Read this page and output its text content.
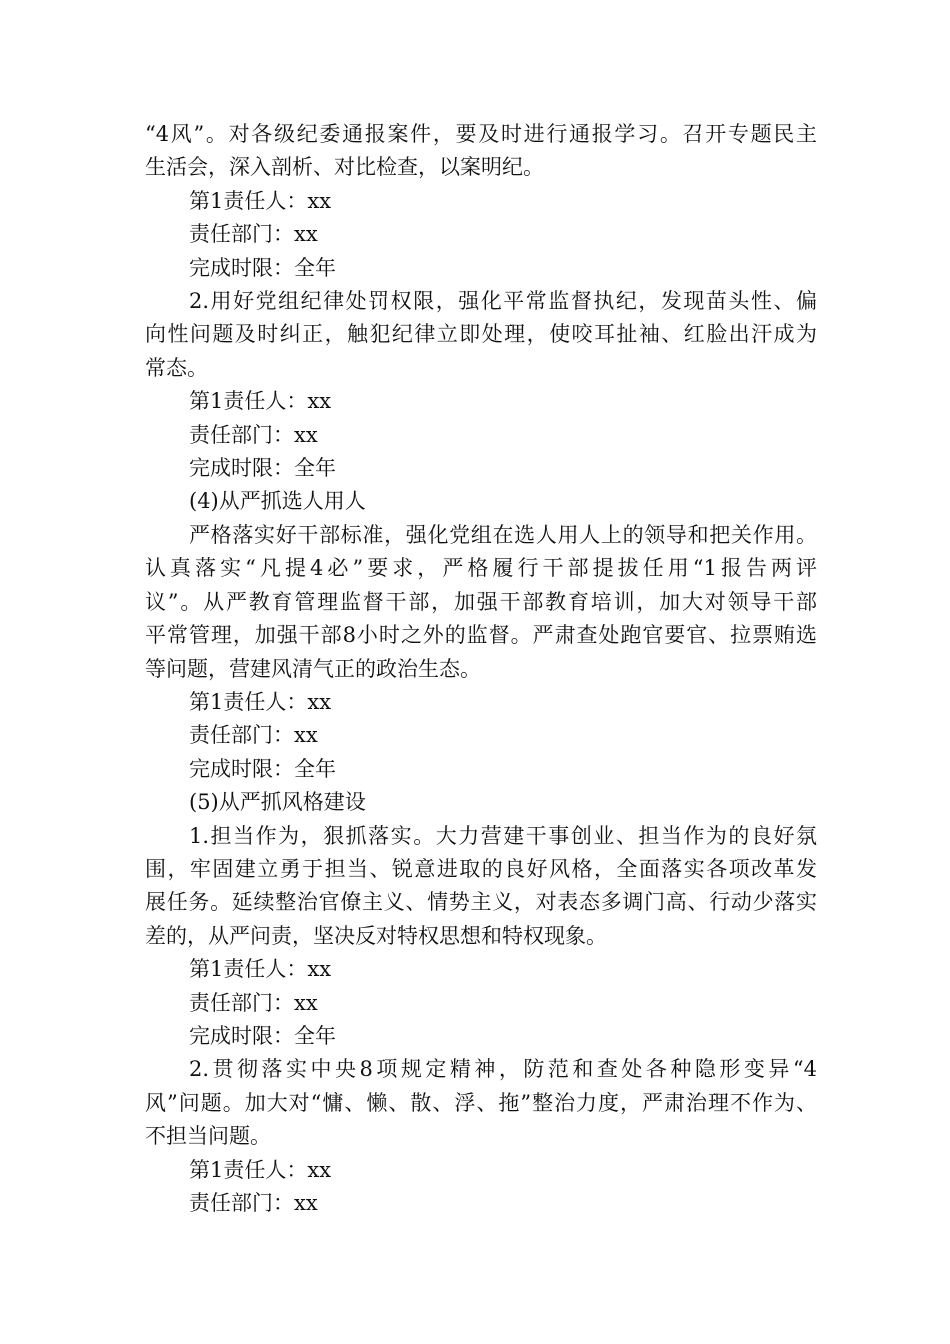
“4风”。对各级纪委通报案件，要及时进行通报学习。召开专题民主

生活会，深入剖析、对比检查，以案明纪。

第1责任人：xx

责任部门：xx

完成时限：全年

2.用好党组纪律处罚权限，强化平常监督执纪，发现苗头性、偏

向性问题及时纠正，触犯纪律立即处理，使咬耳扯袖、红脸出汗成为

常态。

第1责任人：xx

责任部门：xx

完成时限：全年

(4)从严抓选人用人

严格落实好干部标准，强化党组在选人用人上的领导和把关作用。

认真落实“凡提4必”要求，严格履行干部提拔任用“1报告两评

议”。从严教育管理监督干部，加强干部教育培训，加大对领导干部

平常管理，加强干部8小时之外的监督。严肃查处跑官要官、拉票贿选

等问题，营建风清气正的政治生态。

第1责任人：xx

责任部门：xx

完成时限：全年

(5)从严抓风格建设

1.担当作为，狠抓落实。大力营建干事创业、担当作为的良好氛

围，牢固建立勇于担当、锐意进取的良好风格，全面落实各项改革发

展任务。延续整治官僚主义、情势主义，对表态多调门高、行动少落实

差的，从严问责，坚决反对特权思想和特权现象。

第1责任人：xx

责任部门：xx

完成时限：全年

2.贯彻落实中央8项规定精神，防范和查处各种隐形变异“4

风”问题。加大对“慵、懒、散、浮、拖”整治力度，严肃治理不作为、

不担当问题。

第1责任人：xx

责任部门：xx
